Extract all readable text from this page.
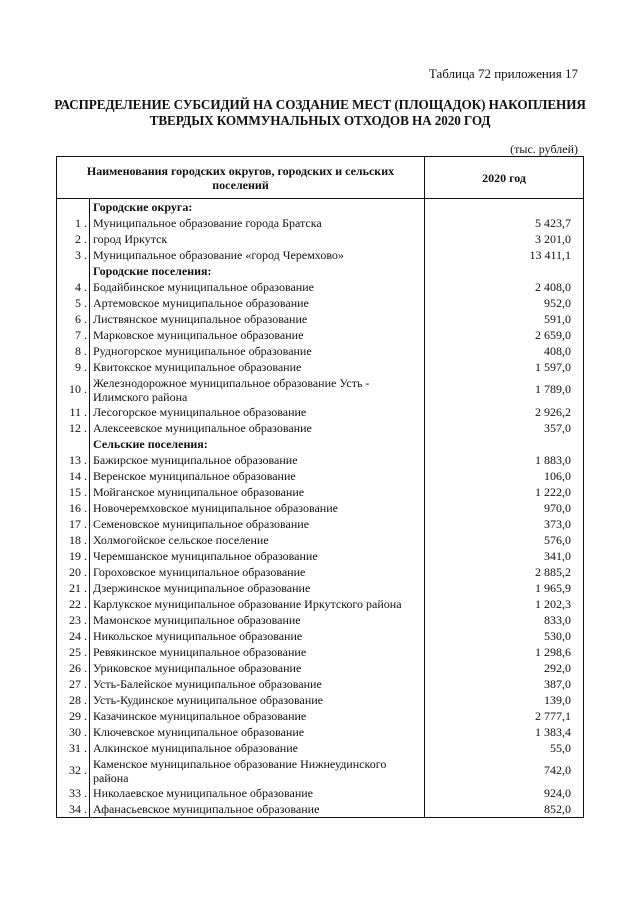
Таблица 72 приложения 17
РАСПРЕДЕЛЕНИЕ СУБСИДИЙ НА СОЗДАНИЕ МЕСТ (ПЛОЩАДОК) НАКОПЛЕНИЯ
ТВЕРДЫХ КОММУНАЛЬНЫХ ОТХОДОВ НА 2020 ГОД
(тыс. рублей)
Наименования городских округов, городских и сельских
поселений		2020 год
	Городские округа:	
1 .	Муниципальное образование города Братска	5 423,7
2 .	город Иркутск	3 201,0
3 .	Муниципальное образование «город Черемхово»	13 411,1
	Городские поселения:	
4 .	Бодайбинское муниципальное образование	2 408,0
5 .	Артемовское муниципальное образование	952,0
6 .	Листвянское муниципальное образование	591,0
7 .	Марковское муниципальное образование	2 659,0
8 .	Рудногорское муниципальное образование	408,0
9 .	Квитокское муниципальное образование	1 597,0
10 .	Железнодорожное муниципальное образование Усть - Илимского района	1 789,0
11 .	Лесогорское муниципальное образование	2 926,2
12 .	Алексеевское муниципальное образование	357,0
	Сельские поселения:	
13 .	Бажирское муниципальное образование	1 883,0
14 .	Веренское муниципальное образование	106,0
15 .	Мойганское муниципальное образование	1 222,0
16 .	Новочеремховское муниципальное образование	970,0
17 .	Семеновское муниципальное образование	373,0
18 .	Холмогойское сельское поселение	576,0
19 .	Черемшанское муниципальное образование	341,0
20 .	Гороховское муниципальное образование	2 885,2
21 .	Дзержинское муниципальное образование	1 965,9
22 .	Карлукское муниципальное образование Иркутского района	1 202,3
23 .	Мамонское муниципальное образование	833,0
24 .	Никольское муниципальное образование	530,0
25 .	Ревякинское муниципальное образование	1 298,6
26 .	Уриковское муниципальное образование	292,0
27 .	Усть-Балейское муниципальное образование	387,0
28 .	Усть-Кудинское муниципальное образование	139,0
29 .	Казачинское муниципальное образование	2 777,1
30 .	Ключевское муниципальное образование	1 383,4
31 .	Алкинское муниципальное образование	55,0
32 .	Каменское муниципальное образование Нижнеудинского района	742,0
33 .	Николаевское муниципальное образование	924,0
34 .	Афанасьевское муниципальное образование	852,0
